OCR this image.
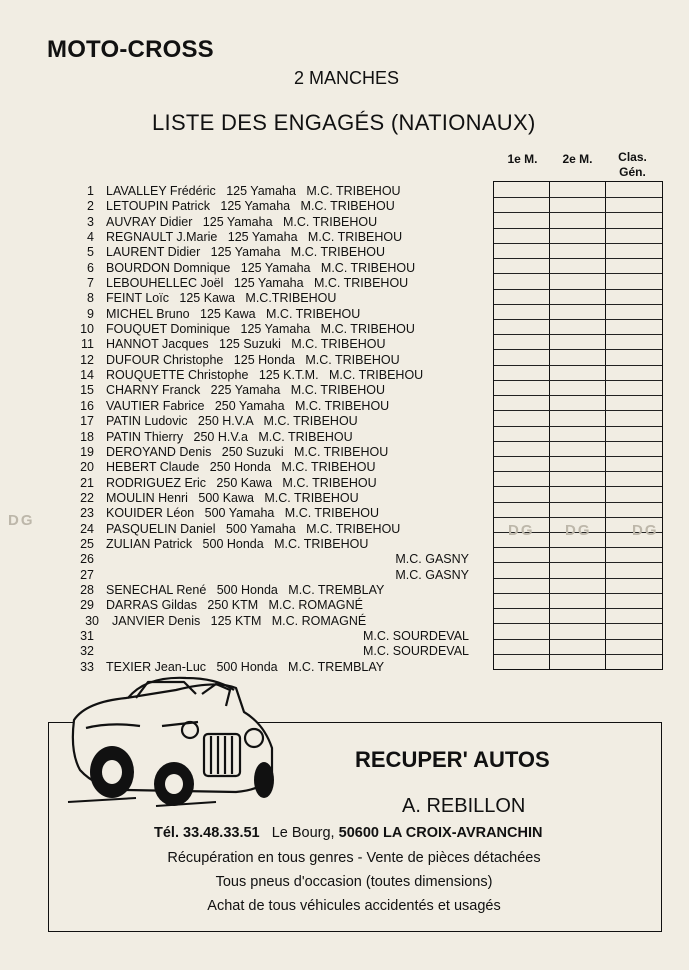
MOTO-CROSS
2 MANCHES
LISTE DES ENGAGÉS (NATIONAUX)
1e M.	2e M.	Clas.
Gén.
1 LAVALLEY Frédéric   125 Yamaha   M.C. TRIBEHOU
2 LETOUPIN Patrick   125 Yamaha   M.C. TRIBEHOU
3 AUVRAY Didier   125 Yamaha   M.C. TRIBEHOU
4 REGNAULT J.Marie   125 Yamaha   M.C. TRIBEHOU
5 LAURENT Didier   125 Yamaha   M.C. TRIBEHOU
6 BOURDON Domnique   125 Yamaha   M.C. TRIBEHOU
7 LEBOUHELLEC Joël   125 Yamaha   M.C. TRIBEHOU
8 FEINT Loïc   125 Kawa   M.C.TRIBEHOU
9 MICHEL Bruno   125 Kawa   M.C. TRIBEHOU
10 FOUQUET Dominique   125 Yamaha   M.C. TRIBEHOU
11 HANNOT Jacques   125 Suzuki   M.C. TRIBEHOU
12 DUFOUR Christophe   125 Honda   M.C. TRIBEHOU
14 ROUQUETTE Christophe   125 K.T.M.   M.C. TRIBEHOU
15 CHARNY Franck   225 Yamaha   M.C. TRIBEHOU
16 VAUTIER Fabrice   250 Yamaha   M.C. TRIBEHOU
17 PATIN Ludovic   250 H.V.A   M.C. TRIBEHOU
18 PATIN Thierry   250 H.V.a   M.C. TRIBEHOU
19 DEROYAND Denis   250 Suzuki   M.C. TRIBEHOU
20 HEBERT Claude   250 Honda   M.C. TRIBEHOU
21 RODRIGUEZ Eric   250 Kawa   M.C. TRIBEHOU
22 MOULIN Henri   500 Kawa   M.C. TRIBEHOU
23 KOUIDER Léon   500 Yamaha   M.C. TRIBEHOU
24 PASQUELIN Daniel   500 Yamaha   M.C. TRIBEHOU
25 ZULIAN Patrick   500 Honda   M.C. TRIBEHOU
26	M.C. GASNY
27	M.C. GASNY
28 SENECHAL René   500 Honda   M.C. TREMBLAY
29 DARRAS Gildas   250 KTM   M.C. ROMAGNÉ
30 JANVIER Denis   125 KTM   M.C. ROMAGNÉ
31	M.C. SOURDEVAL
32	M.C. SOURDEVAL
33 TEXIER Jean-Luc   500 Honda   M.C. TREMBLAY
DG
DG DG	DG
RECUPER' AUTOS
A. REBILLON
Tél. 33.48.33.51 Le Bourg, 50600 LA CROIX-AVRANCHIN
Récupération en tous genres - Vente de pièces détachées
Tous pneus d'occasion (toutes dimensions)
Achat de tous véhicules accidentés et usagés
